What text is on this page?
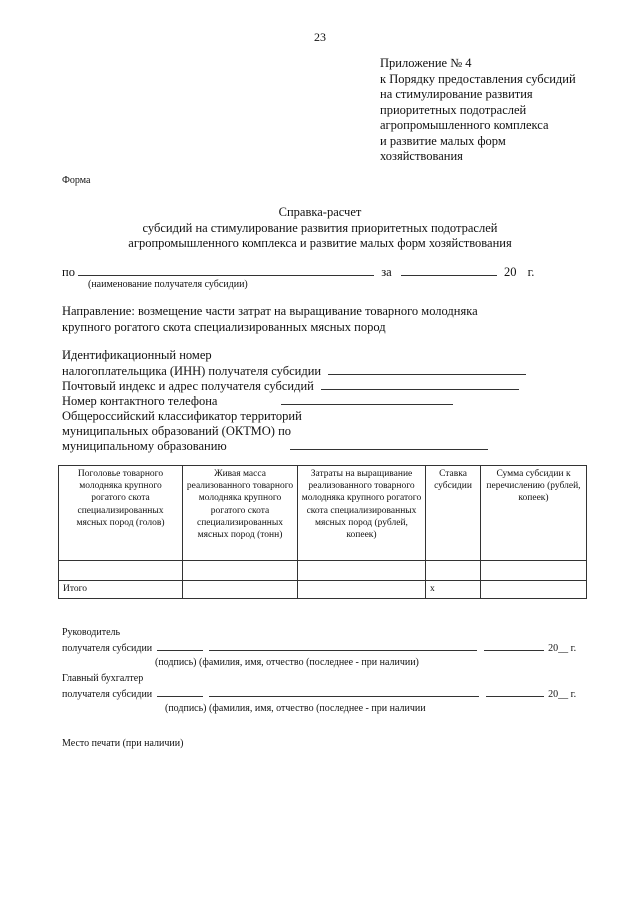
23
Приложение № 4
к Порядку предоставления субсидий
на стимулирование развития
приоритетных подотраслей
агропромышленного комплекса
и развитие малых форм
хозяйствования
Форма
Справка-расчет
субсидий на стимулирование развития приоритетных подотраслей
агропромышленного комплекса и развитие малых форм хозяйствования
по	за	20 г.
(наименование получателя субсидии)
Направление: возмещение части затрат на выращивание товарного молодняка
крупного рогатого скота специализированных мясных пород
Идентификационный номер
налогоплательщика (ИНН) получателя субсидии
Почтовый индекс и адрес получателя субсидий
Номер контактного телефона
Общероссийский классификатор территорий
муниципальных образований (ОКТМО) по
муниципальному образованию
Поголовье товарного молодняка крупного рогатого скота специализированных мясных пород (голов)	Живая масса реализованного товарного молодняка крупного рогатого скота специализированных мясных пород (тонн)	Затраты на выращивание реализованного товарного молодняка крупного рогатого скота специализированных мясных пород (рублей, копеек)	Ставка субсидии	Сумма субсидии к перечислению (рублей, копеек)

Итого			x	
Руководитель
получателя субсидии	20__ г.
(подпись) (фамилия, имя, отчество (последнее - при наличии)
Главный бухгалтер
получателя субсидии	20__ г.
(подпись) (фамилия, имя, отчество (последнее - при наличии
Место печати (при наличии)
